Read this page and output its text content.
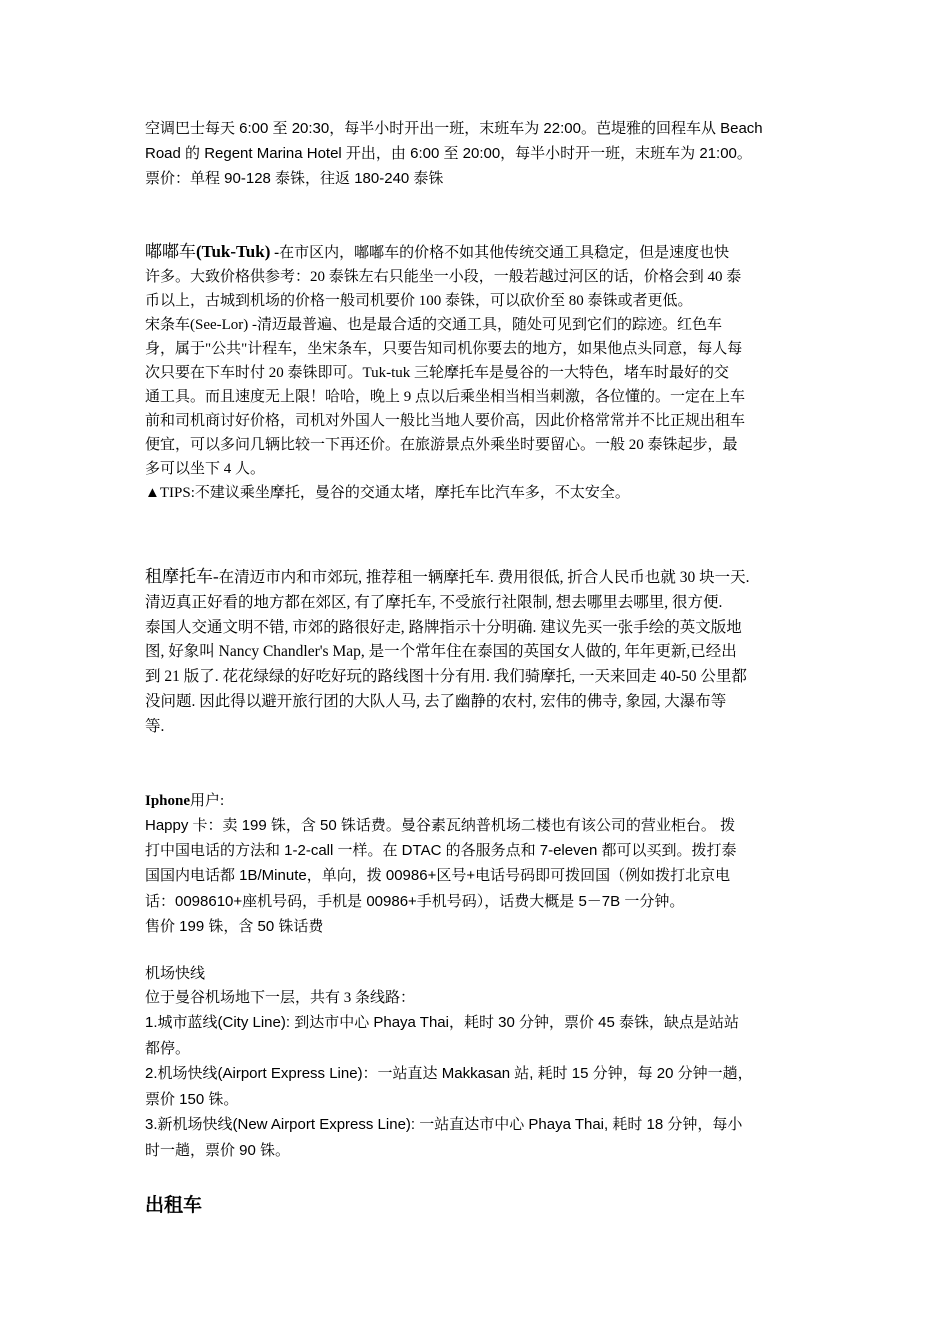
空调巴士每天 6:00 至 20:30，每半小时开出一班，末班车为 22:00。芭堤雅的回程车从 Beach
Road 的 Regent Marina Hotel 开出，由 6:00 至 20:00，每半小时开一班，末班车为 21:00。
票价：单程 90-128 泰铢，往返 180-240 泰铢
嘟嘟车(Tuk-Tuk) -在市区内，嘟嘟车的价格不如其他传统交通工具稳定，但是速度也快
许多。大致价格供参考：20 泰铢左右只能坐一小段，一般若越过河区的话，价格会到 40 泰
币以上，古城到机场的价格一般司机要价 100 泰铢，可以砍价至 80 泰铢或者更低。
宋条车(See-Lor) -清迈最普遍、也是最合适的交通工具，随处可见到它们的踪迹。红色车
身，属于"公共"计程车，坐宋条车，只要告知司机你要去的地方，如果他点头同意，每人每
次只要在下车时付 20 泰铢即可。Tuk-tuk 三轮摩托车是曼谷的一大特色，堵车时最好的交
通工具。而且速度无上限！哈哈，晚上 9 点以后乘坐相当相当刺激，各位懂的。一定在上车
前和司机商讨好价格，司机对外国人一般比当地人要价高，因此价格常常并不比正规出租车
便宜，可以多问几辆比较一下再还价。在旅游景点外乘坐时要留心。一般 20 泰铢起步，最
多可以坐下 4 人。
▲TIPS:不建议乘坐摩托，曼谷的交通太堵，摩托车比汽车多，不太安全。
租摩托车-在清迈市内和市郊玩, 推荐租一辆摩托车. 费用很低, 折合人民币也就 30 块一天.
清迈真正好看的地方都在郊区, 有了摩托车, 不受旅行社限制, 想去哪里去哪里, 很方便.
泰国人交通文明不错, 市郊的路很好走, 路牌指示十分明确. 建议先买一张手绘的英文版地
图, 好象叫 Nancy Chandler's Map, 是一个常年住在泰国的英国女人做的, 年年更新,已经出
到 21 版了. 花花绿绿的好吃好玩的路线图十分有用. 我们骑摩托, 一天来回走 40-50 公里都
没问题. 因此得以避开旅行团的大队人马, 去了幽静的农村, 宏伟的佛寺, 象园, 大瀑布等
等.
Iphone用户:
Happy 卡：卖 199 铢，含 50 铢话费。曼谷素瓦纳普机场二楼也有该公司的营业柜台。 拨
打中国电话的方法和 1-2-call 一样。在 DTAC 的各服务点和 7-eleven 都可以买到。拨打泰
国国内电话都 1B/Minute，单向，拨 00986+区号+电话号码即可拨回国（例如拨打北京电
话：0098610+座机号码，手机是 00986+手机号码），话费大概是 5－7B 一分钟。
售价 199 铢，含 50 铢话费
机场快线
位于曼谷机场地下一层，共有 3 条线路：
1.城市蓝线(City Line): 到达市中心 Phaya Thai，耗时 30 分钟，票价 45 泰铢，缺点是站站
都停。
2.机场快线(Airport Express Line)：一站直达 Makkasan 站, 耗时 15 分钟，每 20 分钟一趟，
票价 150 铢。
3.新机场快线(New Airport Express Line): 一站直达市中心 Phaya Thai, 耗时 18 分钟，每小
时一趟，票价 90 铢。
出租车
